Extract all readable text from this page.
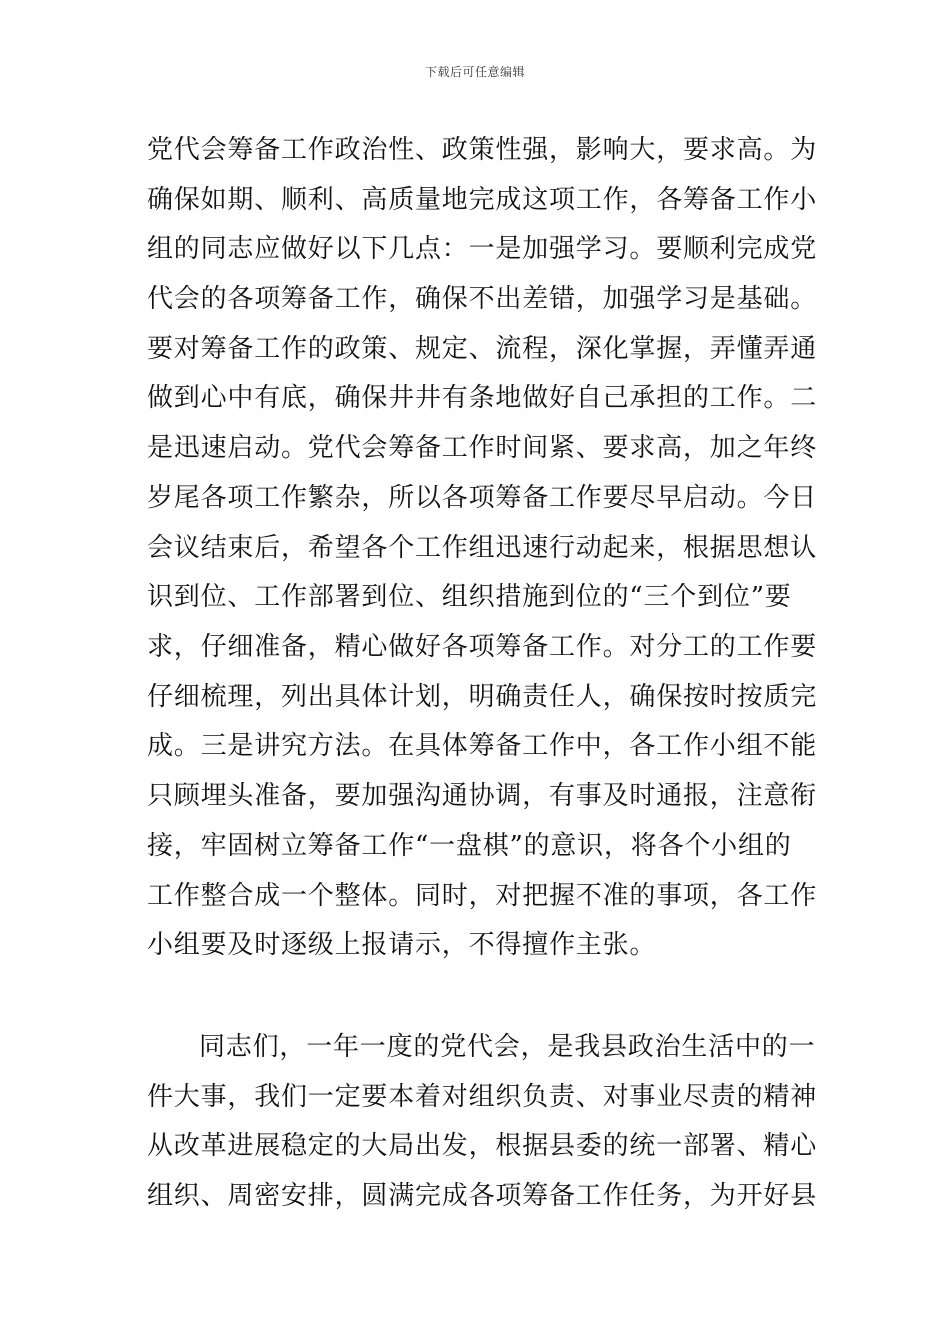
下载后可任意编辑
党代会筹备工作政治性、政策性强，影响大，要求高。为
确保如期、顺利、高质量地完成这项工作，各筹备工作小
组的同志应做好以下几点：一是加强学习。要顺利完成党
代会的各项筹备工作，确保不出差错，加强学习是基础。
要对筹备工作的政策、规定、流程，深化掌握，弄懂弄通
做到心中有底，确保井井有条地做好自己承担的工作。二
是迅速启动。党代会筹备工作时间紧、要求高，加之年终
岁尾各项工作繁杂，所以各项筹备工作要尽早启动。今日
会议结束后，希望各个工作组迅速行动起来，根据思想认
识到位、工作部署到位、组织措施到位的“三个到位”要
求，仔细准备，精心做好各项筹备工作。对分工的工作要
仔细梳理，列出具体计划，明确责任人，确保按时按质完
成。三是讲究方法。在具体筹备工作中，各工作小组不能
只顾埋头准备，要加强沟通协调，有事及时通报，注意衔
接，牢固树立筹备工作“一盘棋”的意识，将各个小组的
工作整合成一个整体。同时，对把握不准的事项，各工作
小组要及时逐级上报请示，不得擅作主张。
同志们，一年一度的党代会，是我县政治生活中的一
件大事，我们一定要本着对组织负责、对事业尽责的精神
从改革进展稳定的大局出发，根据县委的统一部署、精心
组织、周密安排，圆满完成各项筹备工作任务，为开好县
